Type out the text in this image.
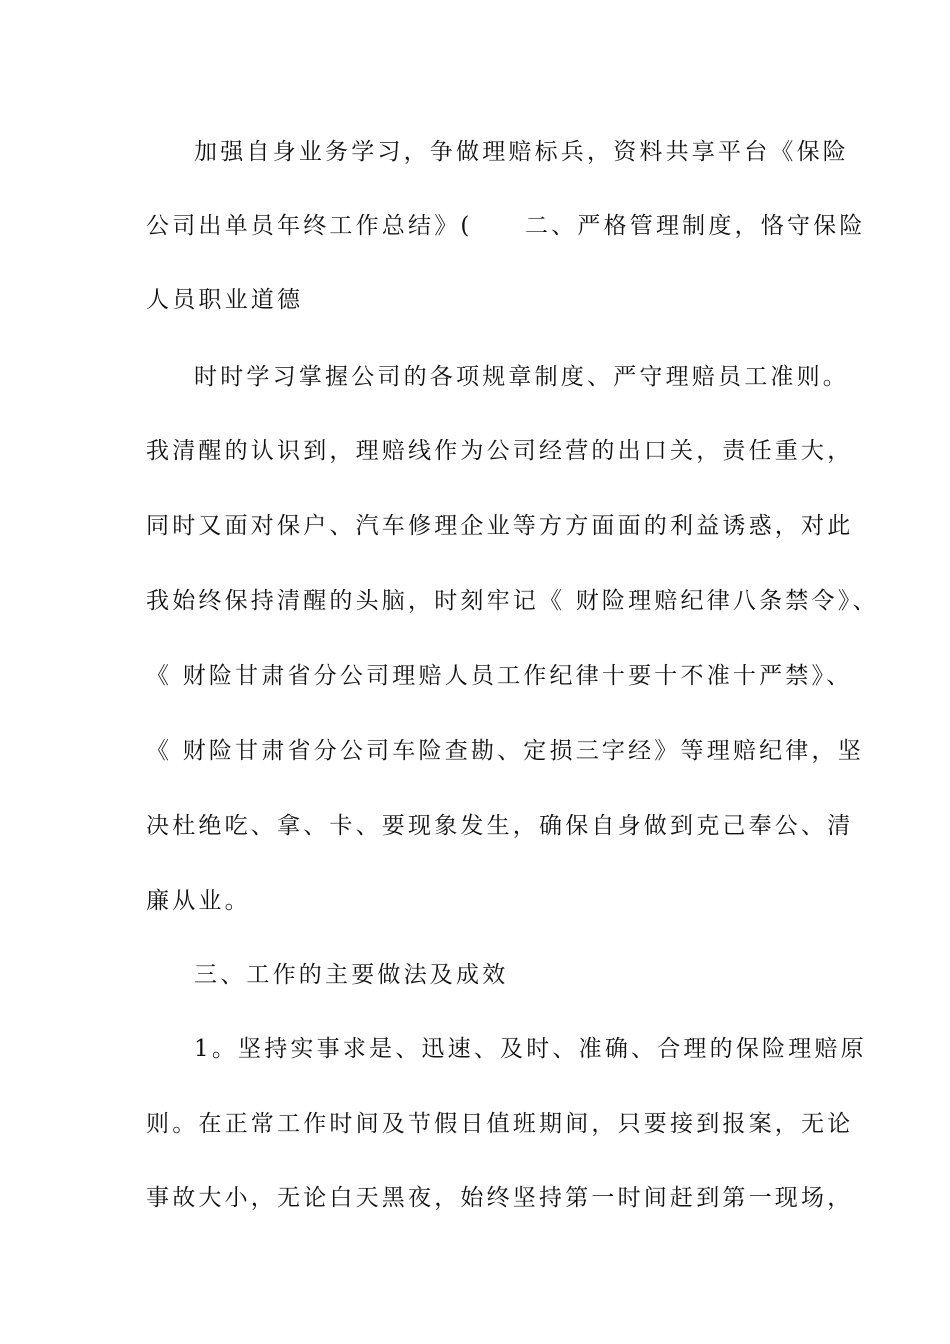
加强自身业务学习，争做理赔标兵，资料共享平台《保险
公司出单员年终工作总结》(　　二、严格管理制度，恪守保险
人员职业道德
时时学习掌握公司的各项规章制度、严守理赔员工准则。
我清醒的认识到，理赔线作为公司经营的出口关，责任重大，
同时又面对保户、汽车修理企业等方方面面的利益诱惑，对此
我始终保持清醒的头脑，时刻牢记《 财险理赔纪律八条禁令》、
《 财险甘肃省分公司理赔人员工作纪律十要十不准十严禁》、
《 财险甘肃省分公司车险查勘、定损三字经》等理赔纪律，坚
决杜绝吃、拿、卡、要现象发生，确保自身做到克己奉公、清
廉从业。
三、工作的主要做法及成效
1。坚持实事求是、迅速、及时、准确、合理的保险理赔原
则。在正常工作时间及节假日值班期间，只要接到报案，无论
事故大小，无论白天黑夜，始终坚持第一时间赶到第一现场，
